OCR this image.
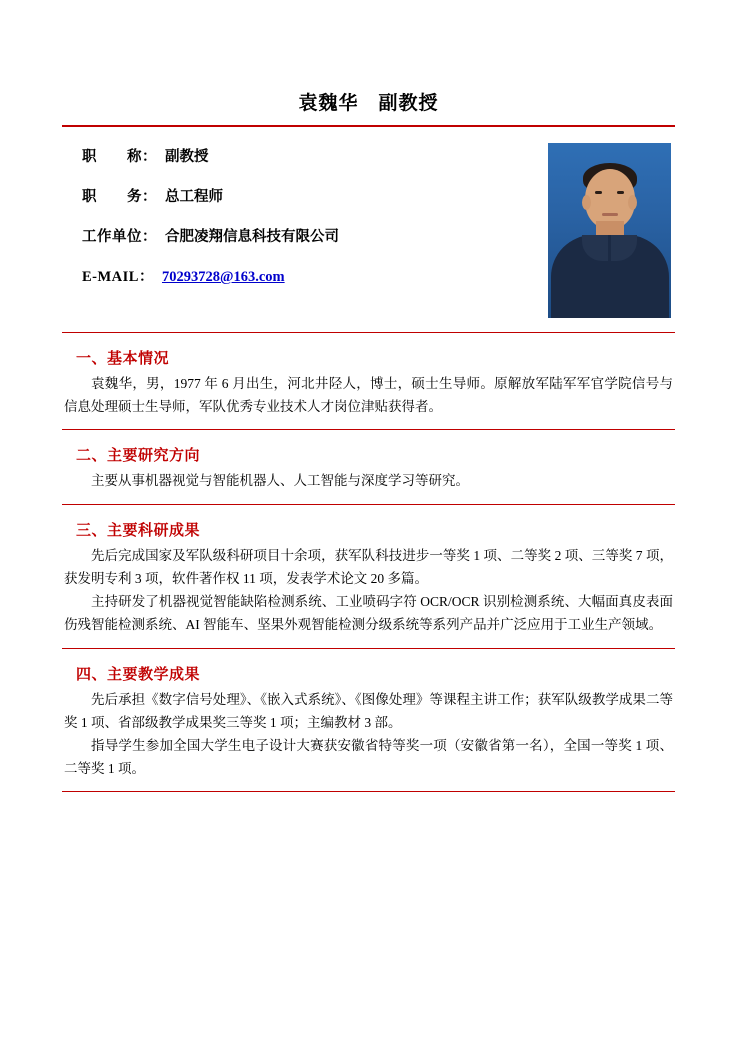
袁魏华　副教授
职　　称： 副教授
职　　务： 总工程师
工作单位： 合肥凌翔信息科技有限公司
E-MAIL： 70293728@163.com
一、基本情况

袁魏华，男，1977 年 6 月出生，河北井陉人，博士，硕士生导师。原解放军陆军军官学院信号与信息处理硕士生导师，军队优秀专业技术人才岗位津贴获得者。

二、主要研究方向

主要从事机器视觉与智能机器人、人工智能与深度学习等研究。

三、主要科研成果

先后完成国家及军队级科研项目十余项，获军队科技进步一等奖 1 项、二等奖 2 项、三等奖 7 项，获发明专利 3 项，软件著作权 11 项，发表学术论文 20 多篇。

主持研发了机器视觉智能缺陷检测系统、工业喷码字符 OCR/OCR 识别检测系统、大幅面真皮表面伤残智能检测系统、AI 智能车、坚果外观智能检测分级系统等系列产品并广泛应用于工业生产领域。

四、主要教学成果

先后承担《数字信号处理》、《嵌入式系统》、《图像处理》等课程主讲工作；获军队级教学成果二等奖 1 项、省部级教学成果奖三等奖 1 项；主编教材 3 部。

指导学生参加全国大学生电子设计大赛获安徽省特等奖一项（安徽省第一名），全国一等奖 1 项、二等奖 1 项。
